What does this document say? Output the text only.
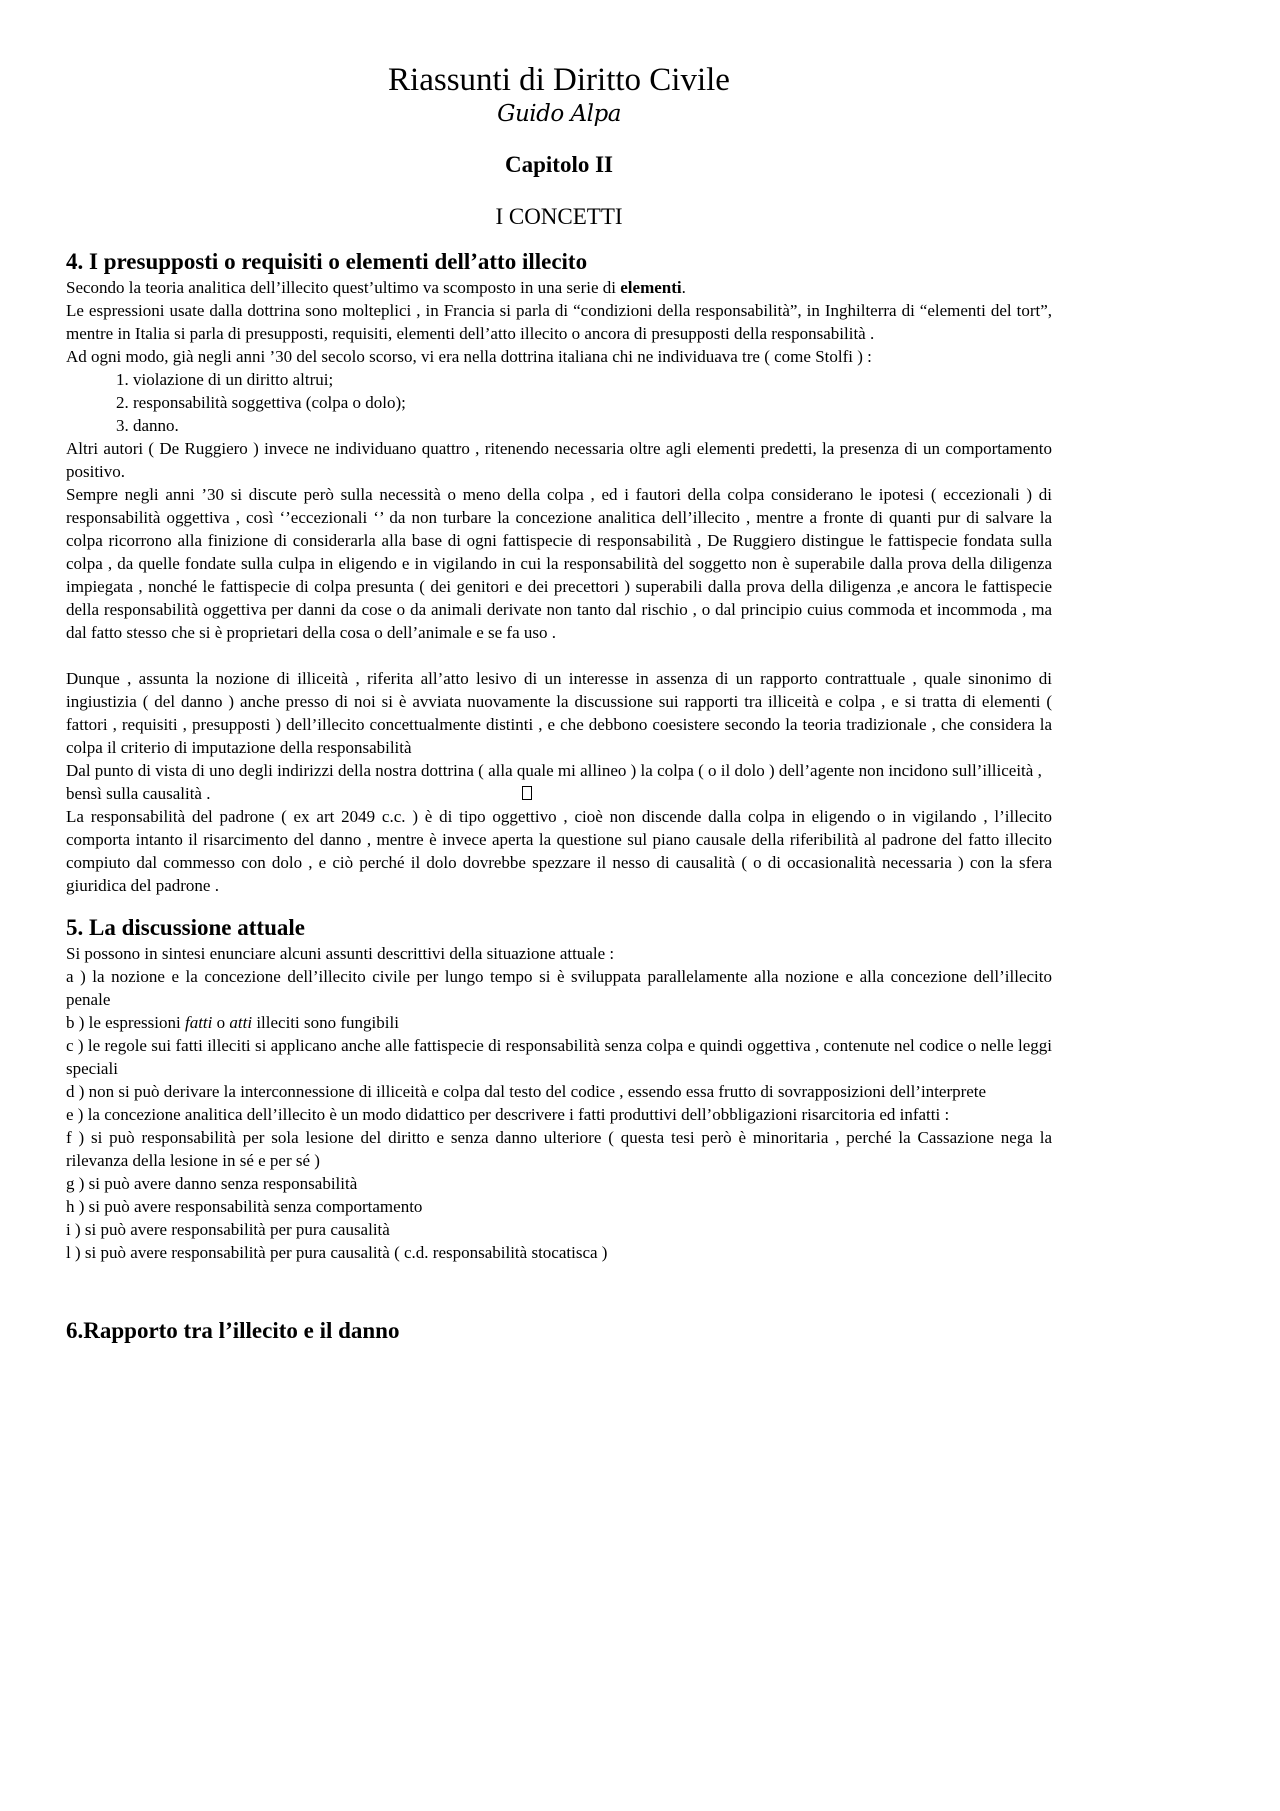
Riassunti di Diritto Civile
Guido Alpa
Capitolo II
I CONCETTI
4. I presupposti o requisiti o elementi dell’atto illecito

Secondo la teoria analitica dell’illecito quest’ultimo va scomposto in una serie di elementi.

Le espressioni usate dalla dottrina sono molteplici , in Francia si parla di “condizioni della responsabilità”, in Inghilterra di “elementi del tort”, mentre in Italia si parla di presupposti, requisiti, elementi dell’atto illecito o ancora di presupposti della responsabilità .

Ad ogni modo, già negli anni ’30 del secolo scorso, vi era nella dottrina italiana chi ne individuava tre ( come Stolfi ) :

1. violazione di un diritto altrui;
2. responsabilità soggettiva (colpa o dolo);
3. danno.

Altri autori ( De Ruggiero ) invece ne individuano quattro , ritenendo necessaria oltre agli elementi predetti, la presenza di un comportamento positivo.

Sempre negli anni ’30 si discute però sulla necessità o meno della colpa , ed i fautori della colpa considerano le ipotesi ( eccezionali ) di responsabilità oggettiva , così ‘’eccezionali ‘’ da non turbare la concezione analitica dell’illecito , mentre a fronte di quanti pur di salvare la colpa ricorrono alla finizione di considerarla alla base di ogni fattispecie di responsabilità , De Ruggiero distingue le fattispecie fondata sulla colpa , da quelle fondate sulla culpa in eligendo e in vigilando in cui la responsabilità del soggetto non è superabile dalla prova della diligenza impiegata , nonché le fattispecie di colpa presunta ( dei genitori e dei precettori ) superabili dalla prova della diligenza ,e ancora le fattispecie della responsabilità oggettiva per danni da cose o da animali derivate non tanto dal rischio , o dal principio cuius commoda et incommoda , ma dal fatto stesso che si è proprietari della cosa o dell’animale e se fa uso .

Dunque , assunta la nozione di illiceità , riferita all’atto lesivo di un interesse in assenza di un rapporto contrattuale , quale sinonimo di ingiustizia ( del danno ) anche presso di noi si è avviata nuovamente la discussione sui rapporti tra illiceità e colpa , e si tratta di elementi ( fattori , requisiti , presupposti ) dell’illecito concettualmente distinti , e che debbono coesistere secondo la teoria tradizionale , che considera la colpa il criterio di imputazione della responsabilità

Dal punto di vista di uno degli indirizzi della nostra dottrina ( alla quale mi allineo ) la colpa ( o il dolo ) dell’agente non incidono sull’illiceità , bensì sulla causalità .

La responsabilità del padrone ( ex art 2049 c.c. ) è di tipo oggettivo , cioè non discende dalla colpa in eligendo o in vigilando , l’illecito comporta intanto il risarcimento del danno , mentre è invece aperta la questione sul piano causale della riferibilità al padrone del fatto illecito compiuto dal commesso con dolo , e ciò perché il dolo dovrebbe spezzare il nesso di causalità ( o di occasionalità necessaria ) con la sfera giuridica del padrone .

5. La discussione attuale

Si possono in sintesi enunciare alcuni assunti descrittivi della situazione attuale :

a ) la nozione e la concezione dell’illecito civile per lungo tempo si è sviluppata parallelamente alla nozione e alla concezione dell’illecito penale

b ) le espressioni fatti o atti illeciti sono fungibili

c ) le regole sui fatti illeciti si applicano anche alle fattispecie di responsabilità senza colpa e quindi oggettiva , contenute nel codice o nelle leggi speciali

d ) non si può derivare la interconnessione di illiceità e colpa dal testo del codice , essendo essa frutto di sovrapposizioni dell’interprete

e ) la concezione analitica dell’illecito è un modo didattico per descrivere i fatti produttivi dell’obbligazioni risarcitoria ed infatti :

f ) si può responsabilità per sola lesione del diritto e senza danno ulteriore ( questa tesi però è minoritaria , perché la Cassazione nega la rilevanza della lesione in sé e per sé )

g ) si può avere danno senza responsabilità

h ) si può avere responsabilità senza comportamento

i ) si può avere responsabilità per pura causalità

l ) si può avere responsabilità per pura causalità ( c.d. responsabilità stocatisca )

6.Rapporto tra l’illecito e il danno
